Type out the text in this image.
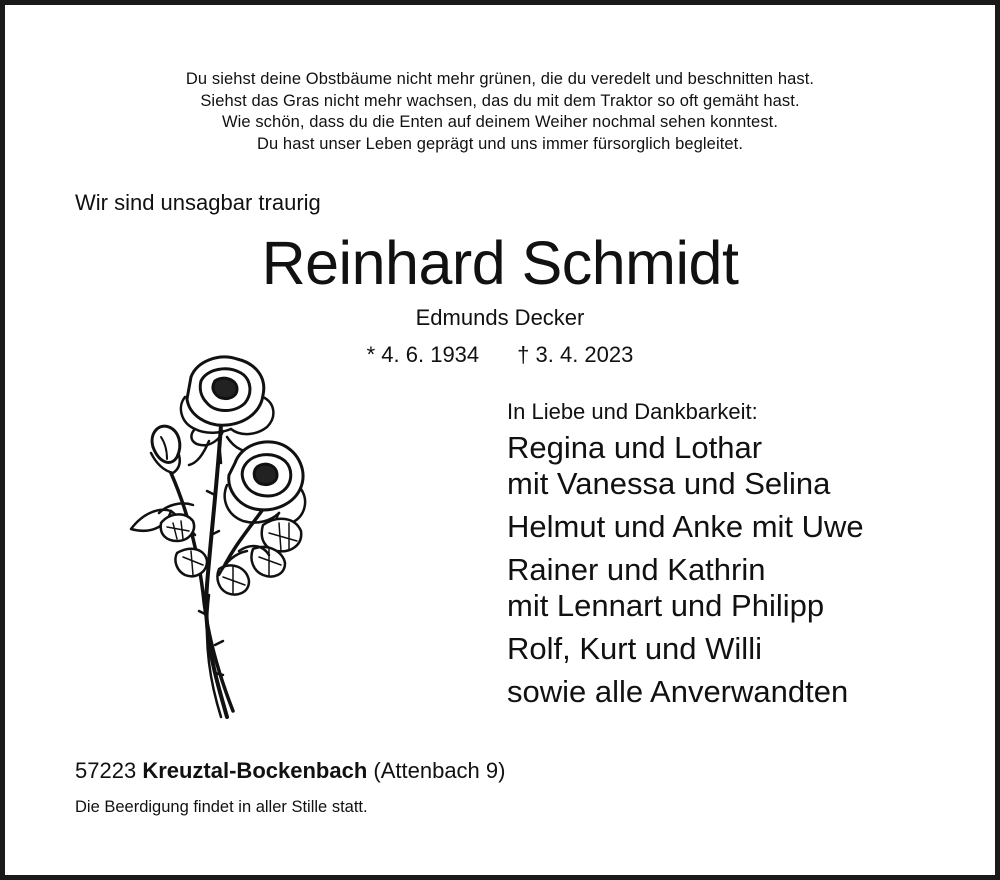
Du siehst deine Obstbäume nicht mehr grünen, die du veredelt und beschnitten hast.
Siehst das Gras nicht mehr wachsen, das du mit dem Traktor so oft gemäht hast.
Wie schön, dass du die Enten auf deinem Weiher nochmal sehen konntest.
Du hast unser Leben geprägt und uns immer fürsorglich begleitet.
Wir sind unsagbar traurig
Reinhard Schmidt
Edmunds Decker
* 4. 6. 1934 † 3. 4. 2023
In Liebe und Dankbarkeit:
Regina und Lothar
mit Vanessa und Selina
Helmut und Anke mit Uwe
Rainer und Kathrin
mit Lennart und Philipp
Rolf, Kurt und Willi
sowie alle Anverwandten
57223 Kreuztal-Bockenbach (Attenbach 9)
Die Beerdigung findet in aller Stille statt.
